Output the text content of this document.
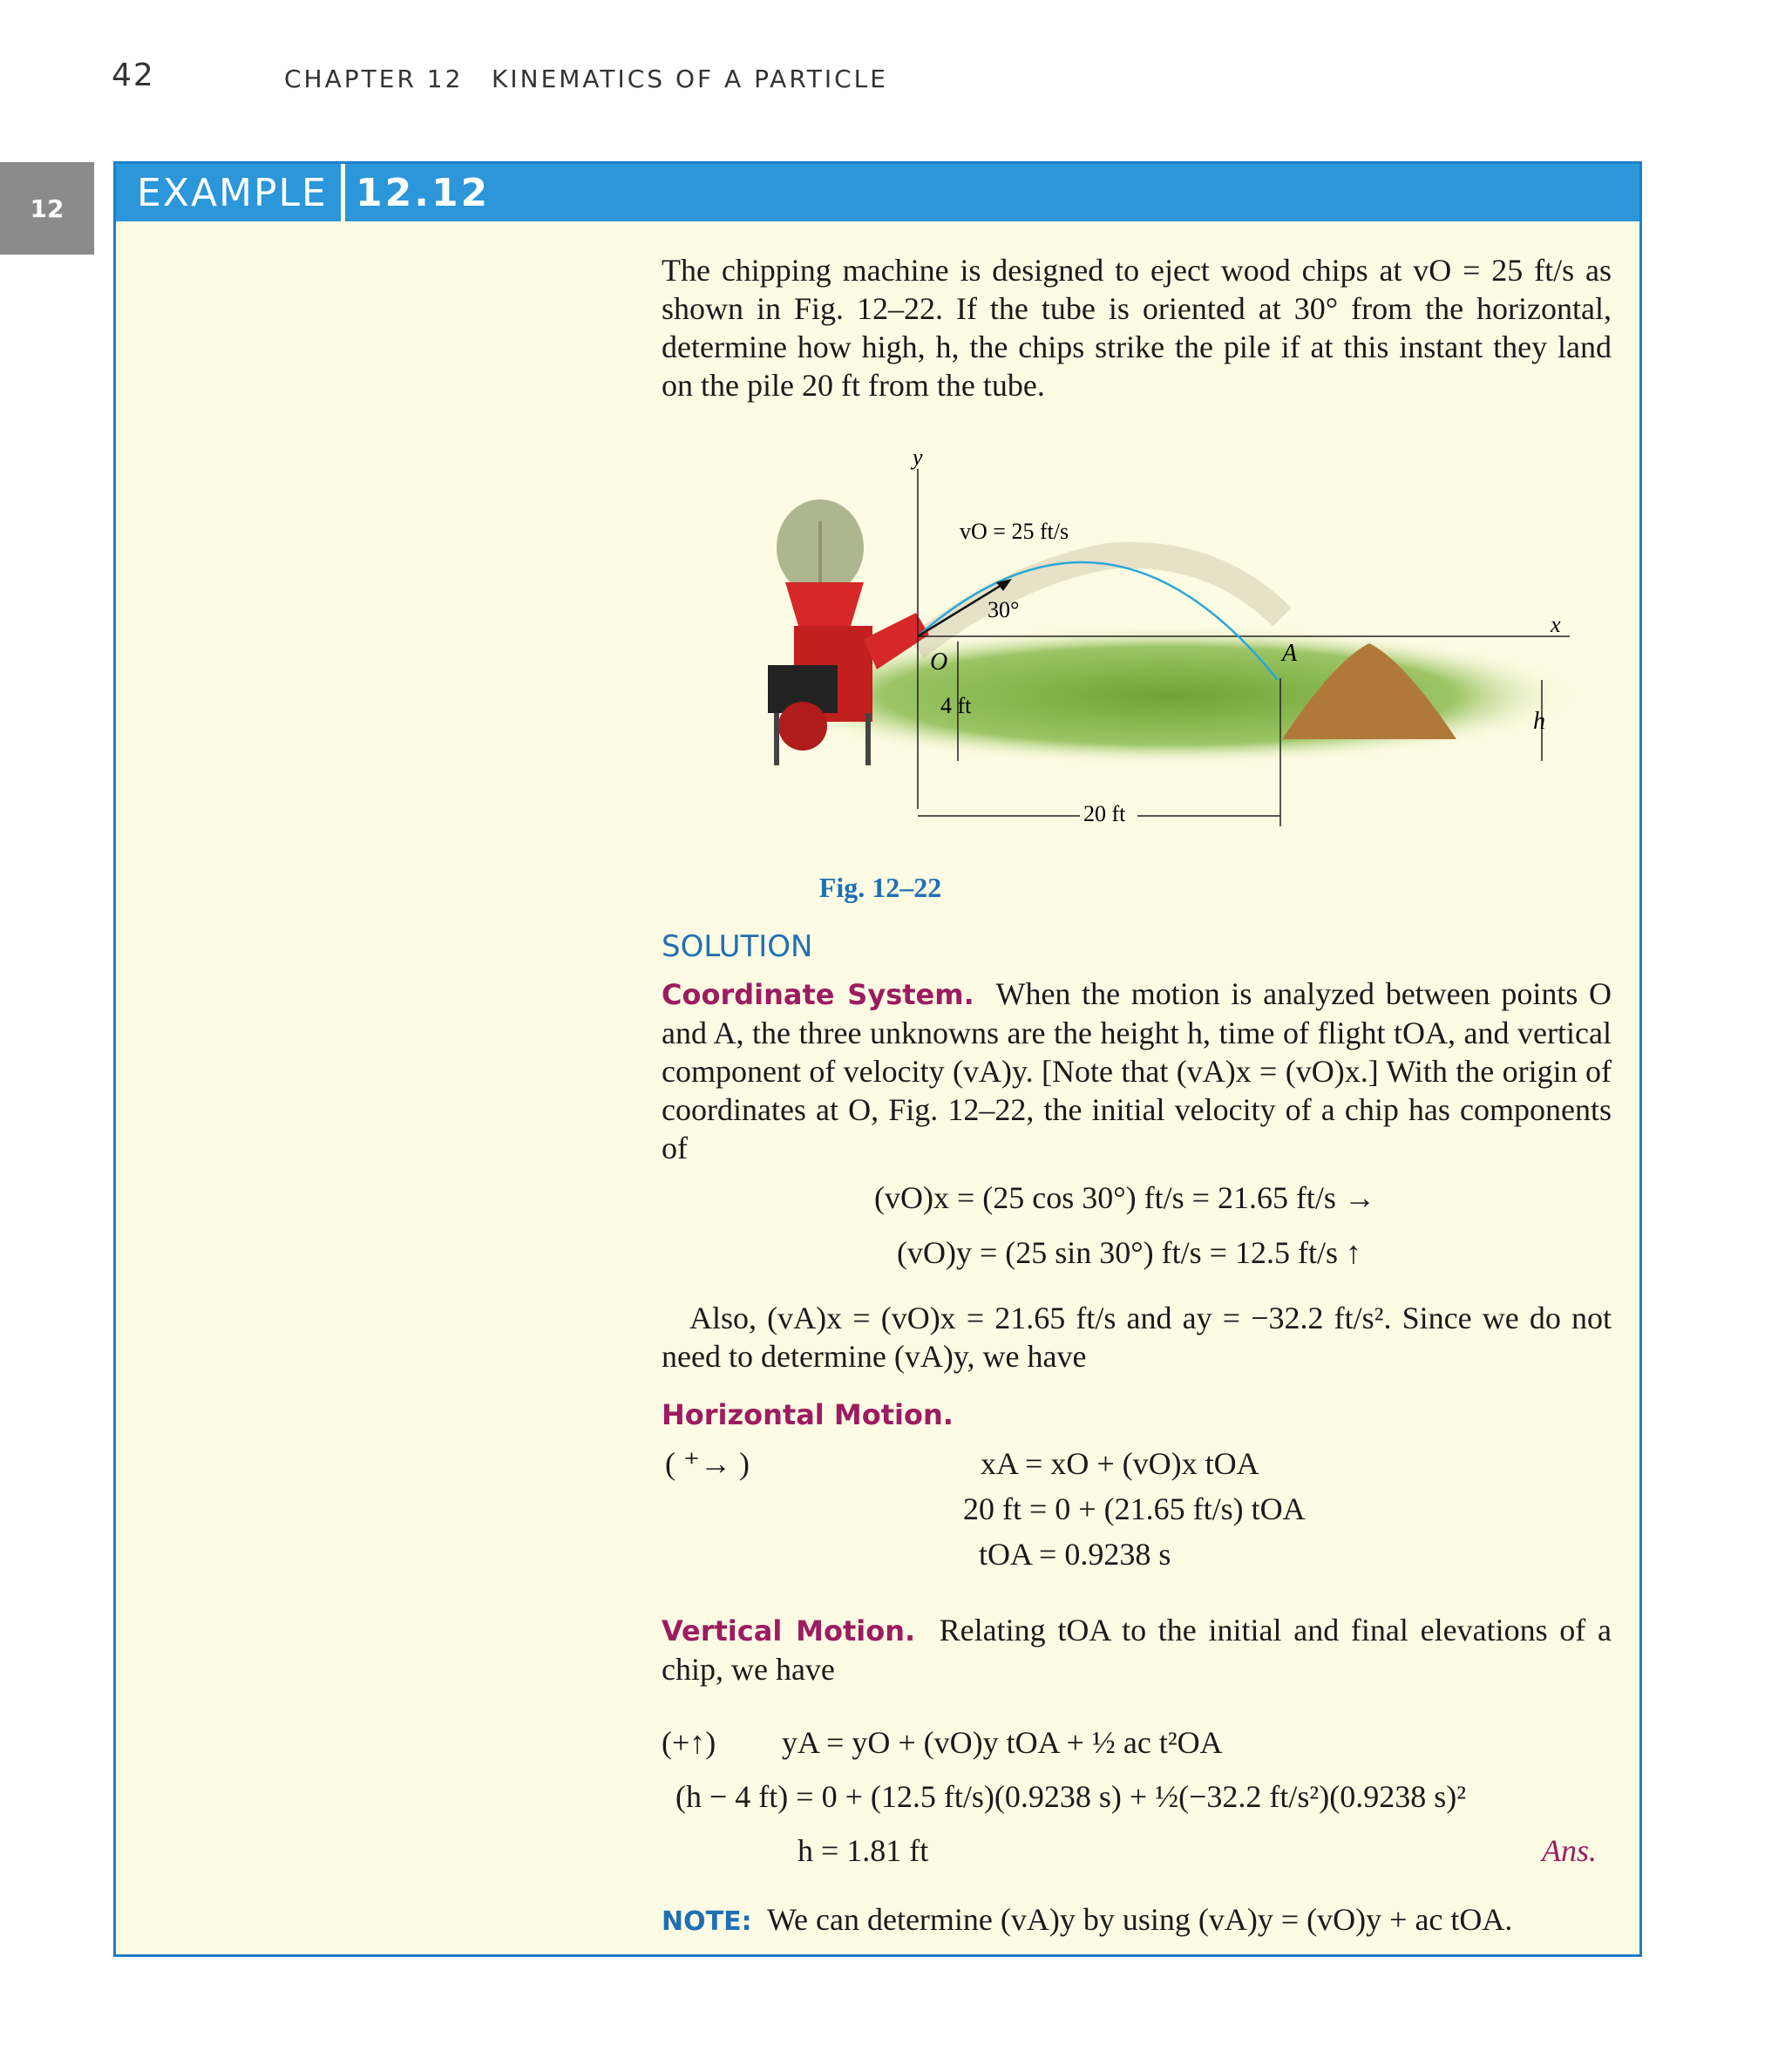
42	CHAPTER 12 KINEMATICS OF A PARTICLE
12	EXAMPLE 12.12
The chipping machine is designed to eject wood chips at vO = 25 ft/s as shown in Fig. 12–22. If the tube is oriented at 30° from the horizontal, determine how high, h, the chips strike the pile if at this instant they land on the pile 20 ft from the tube.
y
x
vO = 25 ft/s
30°
O	A
4 ft
h
20 ft
Fig. 12–22
SOLUTION
Coordinate System. When the motion is analyzed between points O and A, the three unknowns are the height h, time of flight tOA, and vertical component of velocity (vA)y. [Note that (vA)x = (vO)x.] With the origin of coordinates at O, Fig. 12–22, the initial velocity of a chip has components of
(vO)x = (25 cos 30°) ft/s = 21.65 ft/s →
(vO)y = (25 sin 30°) ft/s = 12.5 ft/s ↑
Also, (vA)x = (vO)x = 21.65 ft/s and ay = −32.2 ft/s². Since we do not need to determine (vA)y, we have
Horizontal Motion.
( ⁺→ )	xA = xO + (vO)x tOA
20 ft = 0 + (21.65 ft/s) tOA
tOA = 0.9238 s
Vertical Motion. Relating tOA to the initial and final elevations of a chip, we have
(+↑) yA = yO + (vO)y tOA + ½ ac t²OA
(h − 4 ft) = 0 + (12.5 ft/s)(0.9238 s) + ½(−32.2 ft/s²)(0.9238 s)²
h = 1.81 ft	Ans.
NOTE: We can determine (vA)y by using (vA)y = (vO)y + ac tOA.
